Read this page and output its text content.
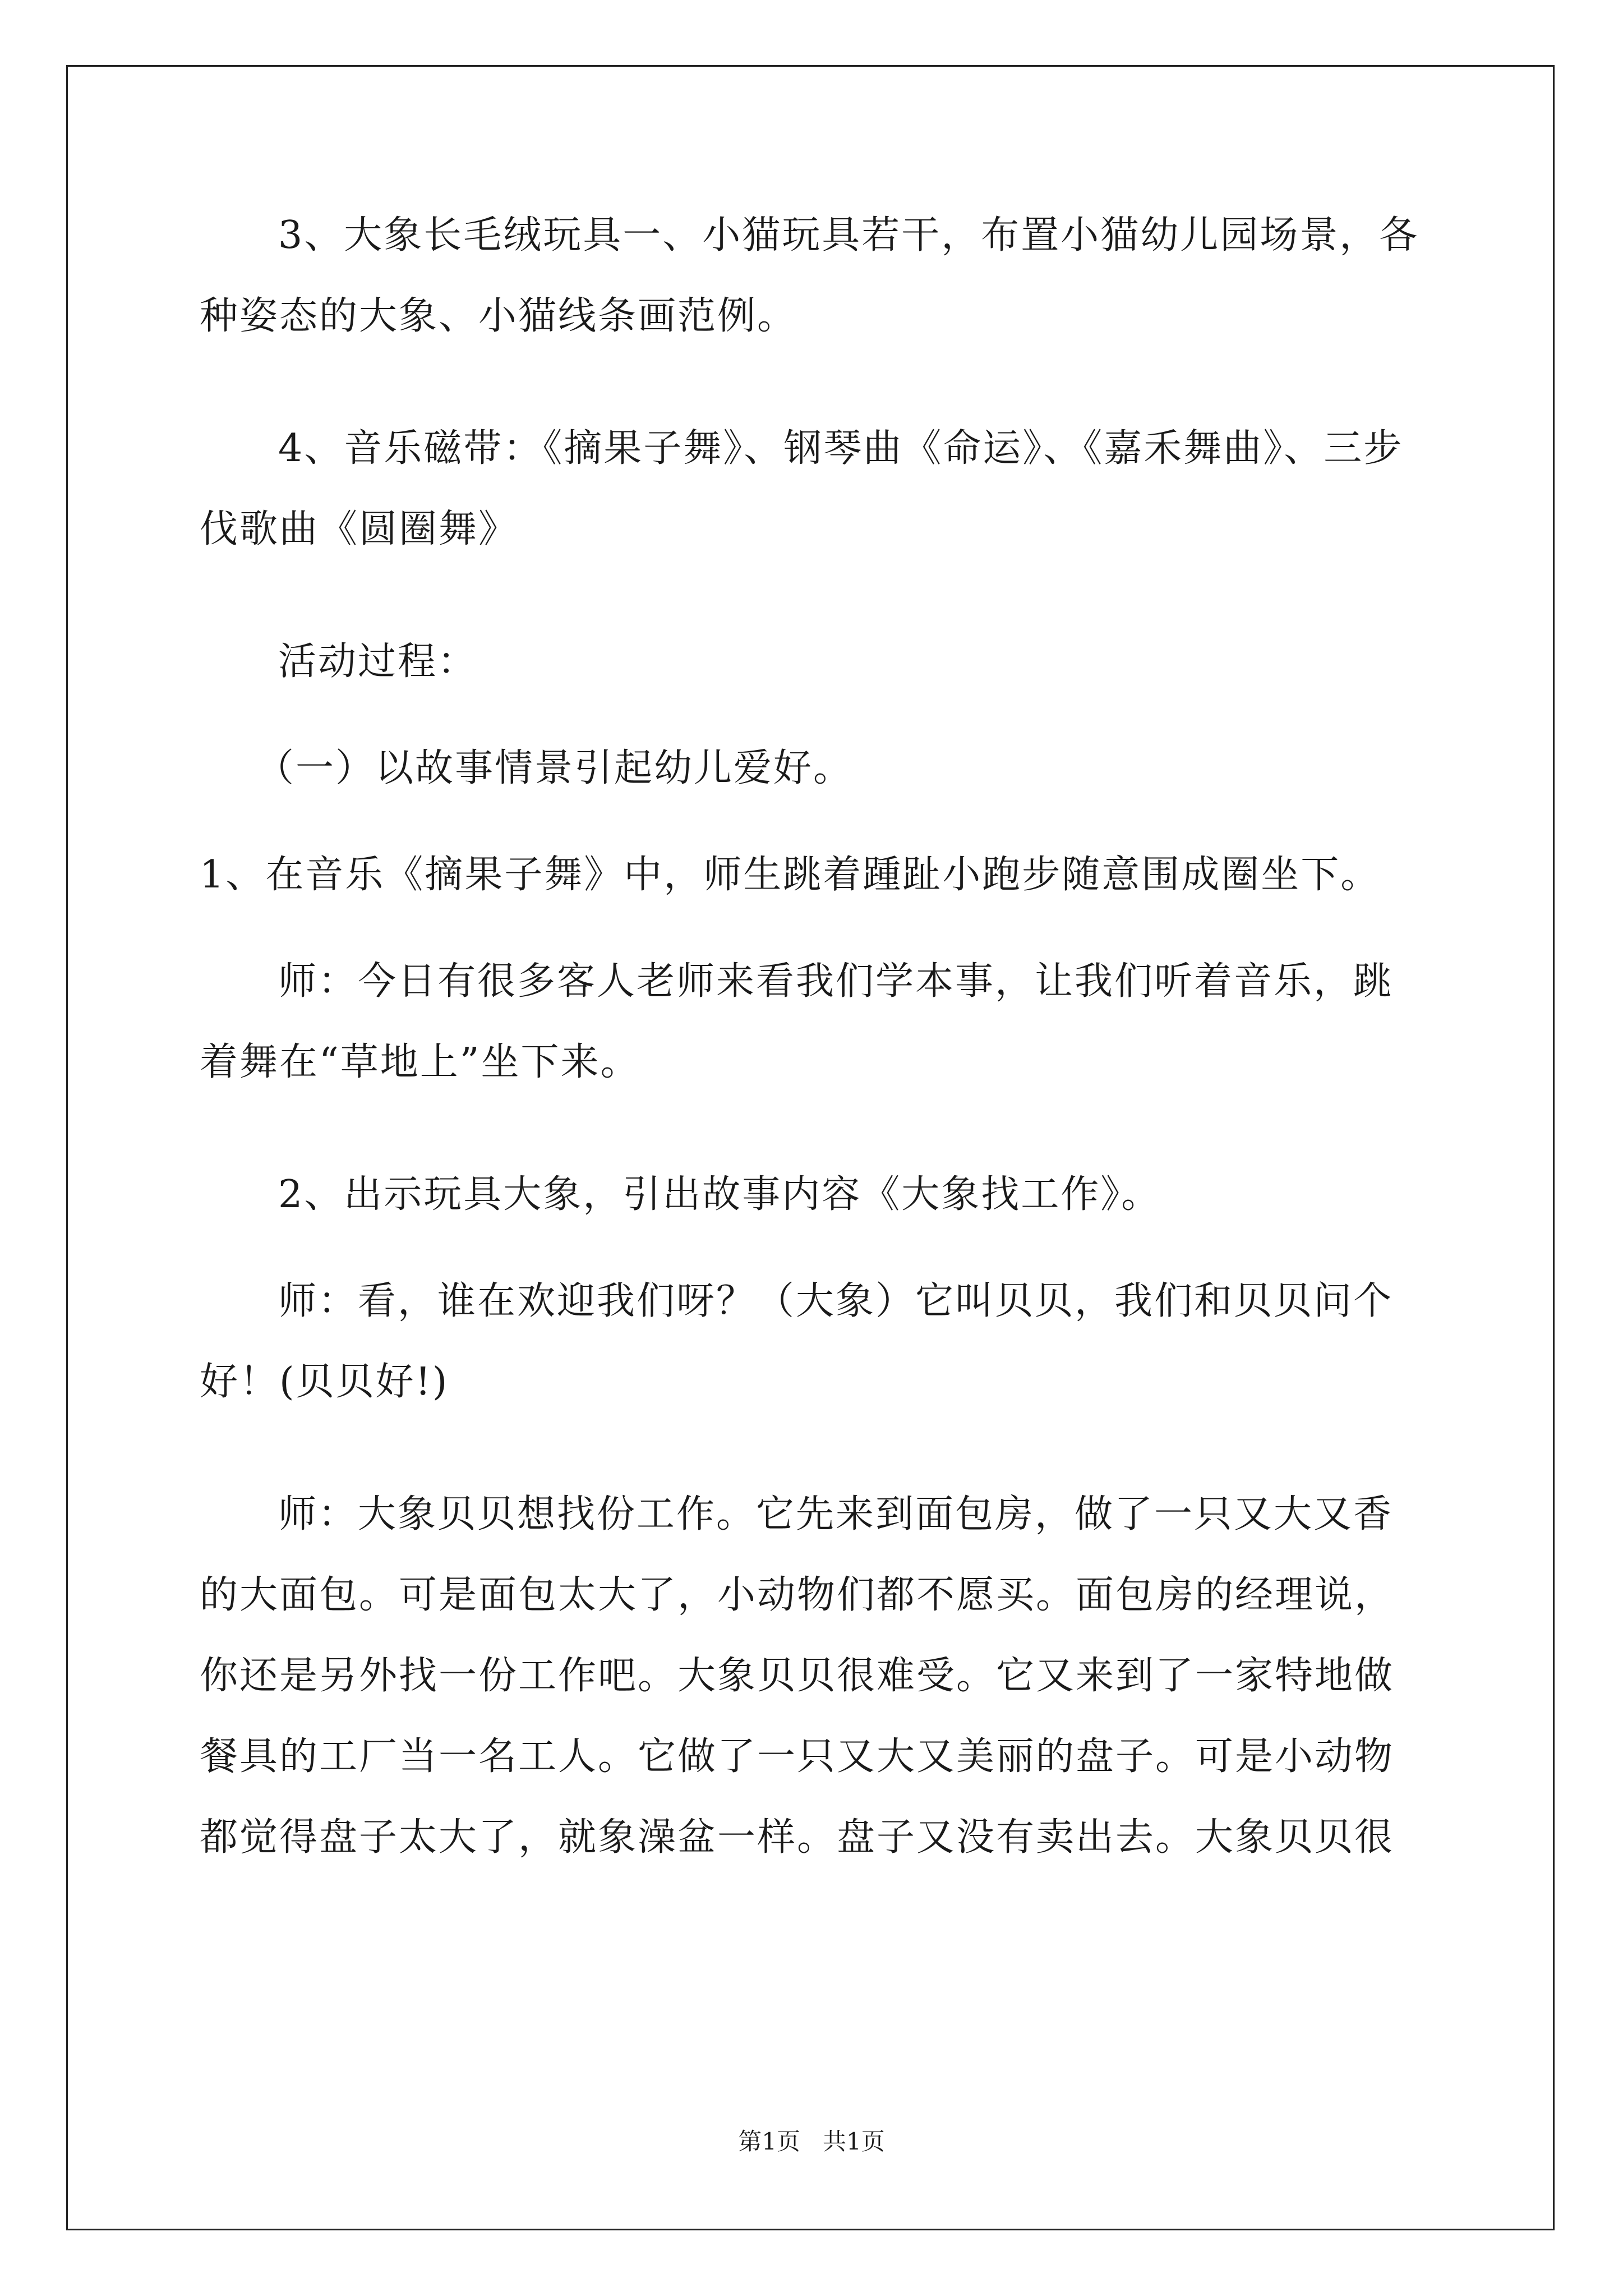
3、大象长毛绒玩具一、小猫玩具若干，布置小猫幼儿园场景，各
种姿态的大象、小猫线条画范例。
4、音乐磁带：《摘果子舞》、钢琴曲《命运》、《嘉禾舞曲》、三步
伐歌曲《圆圈舞》
活动过程：
（一）以故事情景引起幼儿爱好。
1、在音乐《摘果子舞》中，师生跳着踵趾小跑步随意围成圈坐下。
师：今日有很多客人老师来看我们学本事，让我们听着音乐，跳
着舞在“草地上”坐下来。
2、出示玩具大象，引出故事内容《大象找工作》。
师：看，谁在欢迎我们呀？（大象）它叫贝贝，我们和贝贝问个
好！(贝贝好!)
师：大象贝贝想找份工作。它先来到面包房，做了一只又大又香
的大面包。可是面包太大了，小动物们都不愿买。面包房的经理说，
你还是另外找一份工作吧。大象贝贝很难受。它又来到了一家特地做
餐具的工厂当一名工人。它做了一只又大又美丽的盘子。可是小动物
都觉得盘子太大了，就象澡盆一样。盘子又没有卖出去。大象贝贝很
第1页 共1页
